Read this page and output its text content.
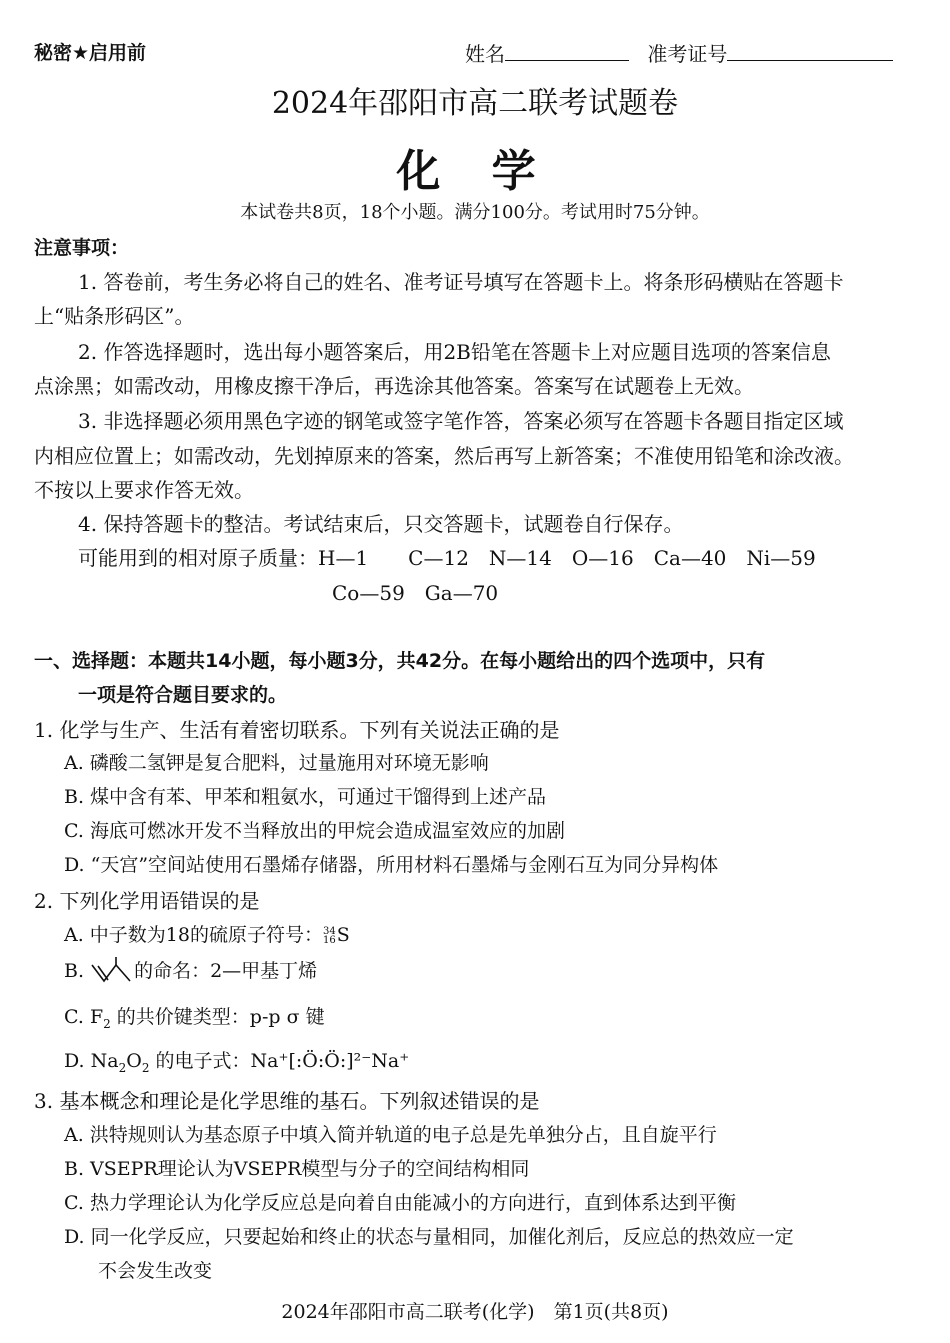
秘密★启用前	姓名	准考证号
2024年邵阳市高二联考试题卷
化 学
本试卷共8页，18个小题。满分100分。考试用时75分钟。
注意事项：
1. 答卷前，考生务必将自己的姓名、准考证号填写在答题卡上。将条形码横贴在答题卡
上“贴条形码区”。
2. 作答选择题时，选出每小题答案后，用2B铅笔在答题卡上对应题目选项的答案信息
点涂黑；如需改动，用橡皮擦干净后，再选涂其他答案。答案写在试题卷上无效。
3. 非选择题必须用黑色字迹的钢笔或签字笔作答，答案必须写在答题卡各题目指定区域
内相应位置上；如需改动，先划掉原来的答案，然后再写上新答案；不准使用铅笔和涂改液。
不按以上要求作答无效。
4. 保持答题卡的整洁。考试结束后，只交答题卡，试题卷自行保存。
可能用到的相对原子质量：H—1　　C—12　N—14　O—16　Ca—40　Ni—59
Co—59　Ga—70
一、选择题：本题共14小题，每小题3分，共42分。在每小题给出的四个选项中，只有
一项是符合题目要求的。
1. 化学与生产、生活有着密切联系。下列有关说法正确的是
A. 磷酸二氢钾是复合肥料，过量施用对环境无影响
B. 煤中含有苯、甲苯和粗氨水，可通过干馏得到上述产品
C. 海底可燃冰开发不当释放出的甲烷会造成温室效应的加剧
D. “天宫”空间站使用石墨烯存储器，所用材料石墨烯与金刚石互为同分异构体
2. 下列化学用语错误的是
A. 中子数为18的硫原子符号： 34
16 S
B.	的命名：2—甲基丁烯
C. $F_2$ 的共价键类型：p-p σ 键
D. $Na_2O_2$ 的电子式：Na⁺[:Ö:Ö:]²⁻Na⁺
3. 基本概念和理论是化学思维的基石。下列叙述错误的是
A. 洪特规则认为基态原子中填入简并轨道的电子总是先单独分占，且自旋平行
B. VSEPR理论认为VSEPR模型与分子的空间结构相同
C. 热力学理论认为化学反应总是向着自由能减小的方向进行，直到体系达到平衡
D. 同一化学反应，只要起始和终止的状态与量相同，加催化剂后，反应总的热效应一定
不会发生改变
2024年邵阳市高二联考(化学)　第1页(共8页)
